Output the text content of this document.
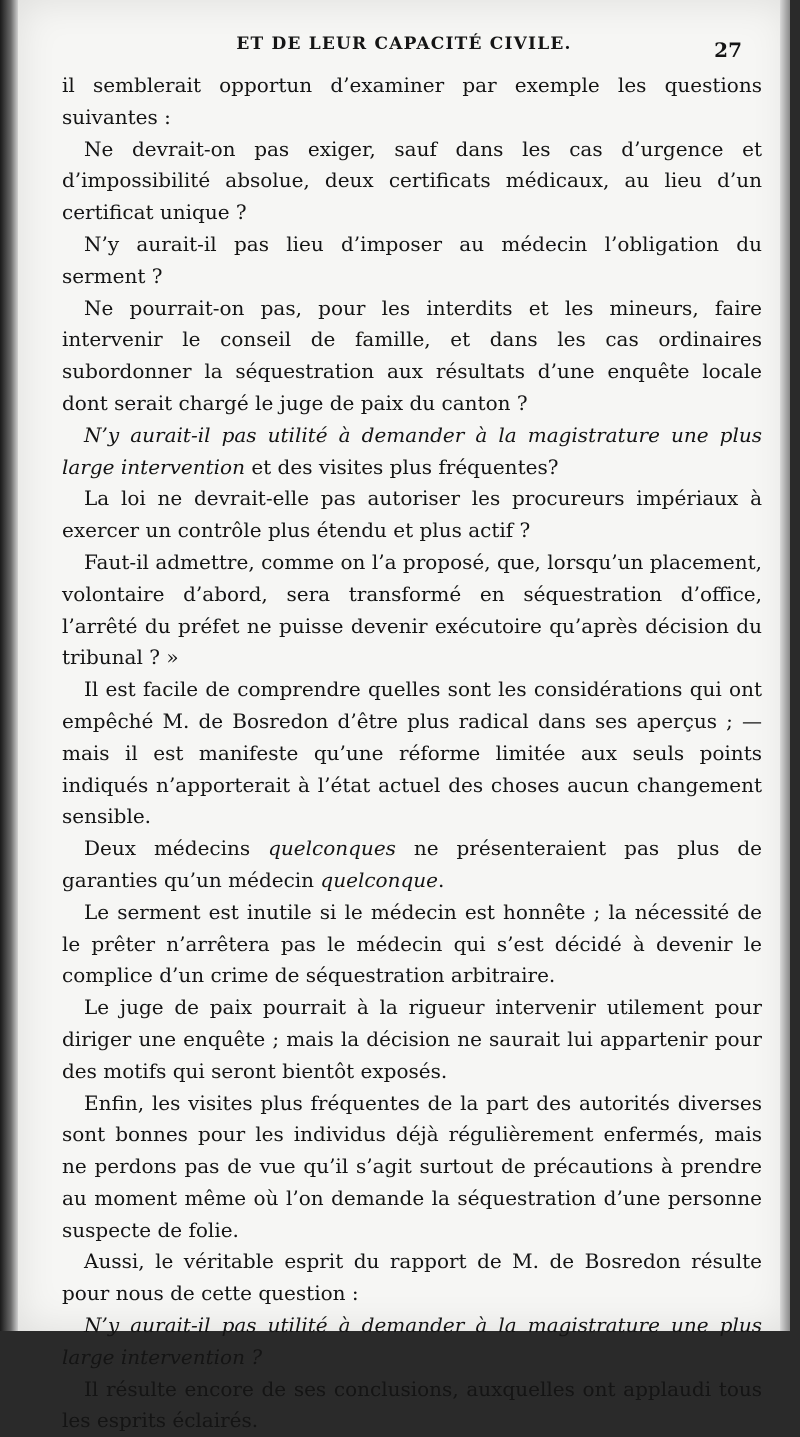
ET DE LEUR CAPACITÉ CIVILE.	27

il semblerait opportun d’examiner par exemple les questions suivantes :

Ne devrait-on pas exiger, sauf dans les cas d’urgence et d’impossibilité absolue, deux certificats médicaux, au lieu d’un certificat unique ?

N’y aurait-il pas lieu d’imposer au médecin l’obligation du serment ?

Ne pourrait-on pas, pour les interdits et les mineurs, faire intervenir le conseil de famille, et dans les cas ordinaires subordonner la séquestration aux résultats d’une enquête locale dont serait chargé le juge de paix du canton ?

N’y aurait-il pas utilité à demander à la magistrature une plus large intervention et des visites plus fréquentes?

La loi ne devrait-elle pas autoriser les procureurs impériaux à exercer un contrôle plus étendu et plus actif ?

Faut-il admettre, comme on l’a proposé, que, lorsqu’un placement, volontaire d’abord, sera transformé en séquestration d’office, l’arrêté du préfet ne puisse devenir exécutoire qu’après décision du tribunal ? »

Il est facile de comprendre quelles sont les considérations qui ont empêché M. de Bosredon d’être plus radical dans ses aperçus ; — mais il est manifeste qu’une réforme limitée aux seuls points indiqués n’apporterait à l’état actuel des choses aucun changement sensible.

Deux médecins quelconques ne présenteraient pas plus de garanties qu’un médecin quelconque.

Le serment est inutile si le médecin est honnête ; la nécessité de le prêter n’arrêtera pas le médecin qui s’est décidé à devenir le complice d’un crime de séquestration arbitraire.

Le juge de paix pourrait à la rigueur intervenir utilement pour diriger une enquête ; mais la décision ne saurait lui appartenir pour des motifs qui seront bientôt exposés.

Enfin, les visites plus fréquentes de la part des autorités diverses sont bonnes pour les individus déjà régulièrement enfermés, mais ne perdons pas de vue qu’il s’agit surtout de précautions à prendre au moment même où l’on demande la séquestration d’une personne suspecte de folie.

Aussi, le véritable esprit du rapport de M. de Bosredon résulte pour nous de cette question :

N’y aurait-il pas utilité à demander à la magistrature une plus large intervention ?

Il résulte encore de ses conclusions, auxquelles ont applaudi tous les esprits éclairés.
